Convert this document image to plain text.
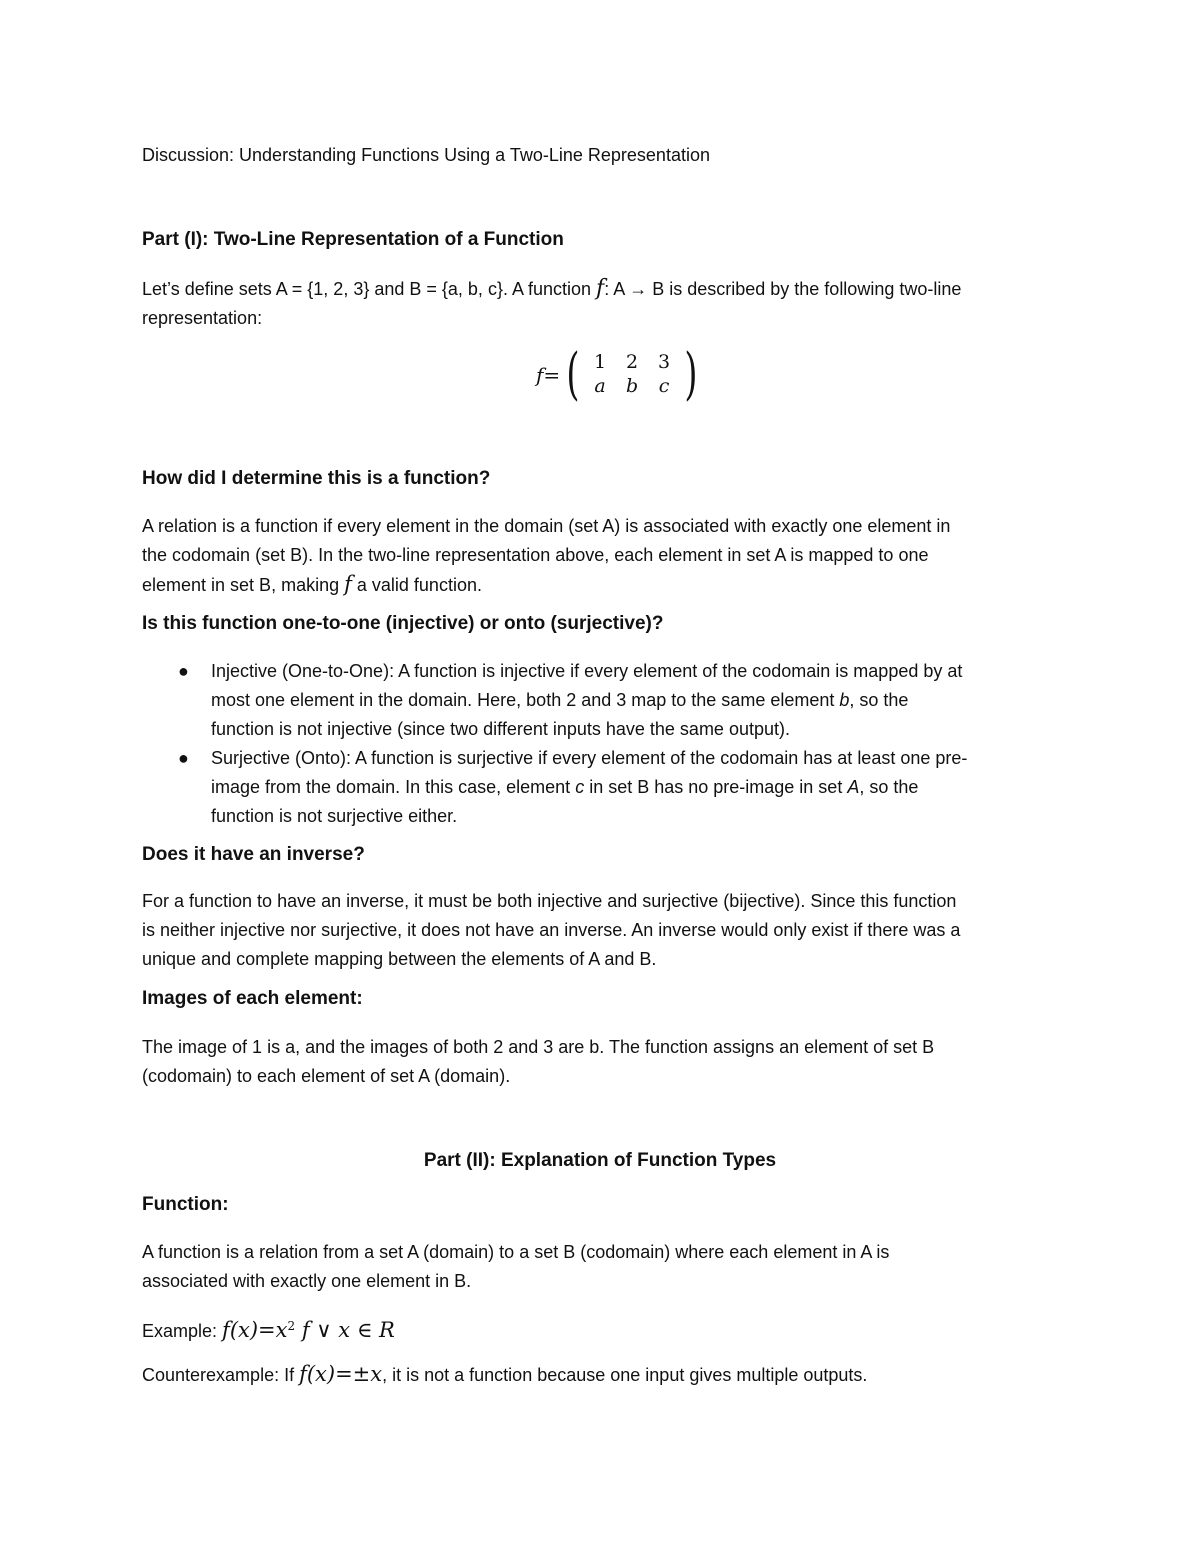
Discussion: Understanding Functions Using a Two-Line Representation

Part (I): Two-Line Representation of a Function

Let’s define sets A = {1, 2, 3} and B = {a, b, c}. A function f: A → B is described by the following two-line
representation:

f= ( 1	2	3
a	b	c )

How did I determine this is a function?

A relation is a function if every element in the domain (set A) is associated with exactly one element in
the codomain (set B). In the two-line representation above, each element in set A is mapped to one
element in set B, making f a valid function.

Is this function one-to-one (injective) or onto (surjective)?

● Injective (One-to-One): A function is injective if every element of the codomain is mapped by at
most one element in the domain. Here, both 2 and 3 map to the same element b, so the
function is not injective (since two different inputs have the same output).
● Surjective (Onto): A function is surjective if every element of the codomain has at least one pre-
image from the domain. In this case, element c in set B has no pre-image in set A, so the
function is not surjective either.

Does it have an inverse?

For a function to have an inverse, it must be both injective and surjective (bijective). Since this function
is neither injective nor surjective, it does not have an inverse. An inverse would only exist if there was a
unique and complete mapping between the elements of A and B.

Images of each element:

The image of 1 is a, and the images of both 2 and 3 are b. The function assigns an element of set B
(codomain) to each element of set A (domain).

Part (II): Explanation of Function Types

Function:

A function is a relation from a set A (domain) to a set B (codomain) where each element in A is
associated with exactly one element in B.

Example: $f(x)=x^2$ f ∨ x ∈ R

Counterexample: If f(x)=±x, it is not a function because one input gives multiple outputs.
